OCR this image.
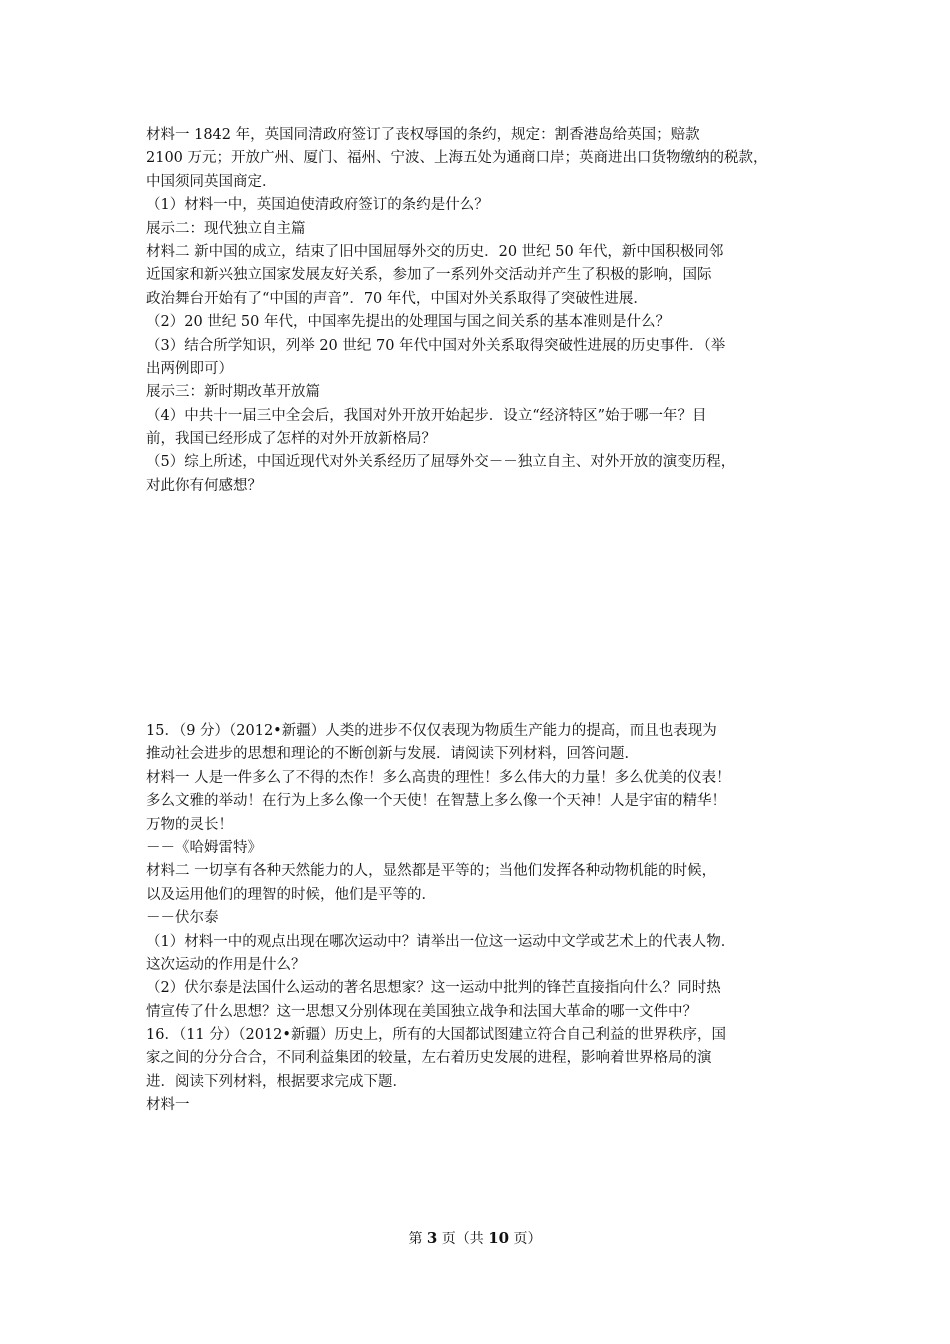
材料一 1842 年，英国同清政府签订了丧权辱国的条约，规定：割香港岛给英国；赔款
2100 万元；开放广州、厦门、福州、宁波、上海五处为通商口岸；英商进出口货物缴纳的税款，
中国须同英国商定．
（1）材料一中，英国迫使清政府签订的条约是什么？
展示二：现代独立自主篇
材料二 新中国的成立，结束了旧中国屈辱外交的历史．20 世纪 50 年代，新中国积极同邻
近国家和新兴独立国家发展友好关系，参加了一系列外交活动并产生了积极的影响，国际
政治舞台开始有了“中国的声音”．70 年代，中国对外关系取得了突破性进展．
（2）20 世纪 50 年代，中国率先提出的处理国与国之间关系的基本准则是什么？
（3）结合所学知识，列举 20 世纪 70 年代中国对外关系取得突破性进展的历史事件．（举
出两例即可）
展示三：新时期改革开放篇
（4）中共十一届三中全会后，我国对外开放开始起步．设立“经济特区”始于哪一年？目
前，我国已经形成了怎样的对外开放新格局？
（5）综上所述，中国近现代对外关系经历了屈辱外交－－独立自主、对外开放的演变历程，
对此你有何感想？
15．（9 分）（2012•新疆）人类的进步不仅仅表现为物质生产能力的提高，而且也表现为
推动社会进步的思想和理论的不断创新与发展．请阅读下列材料，回答问题．
材料一 人是一件多么了不得的杰作！多么高贵的理性！多么伟大的力量！多么优美的仪表！
多么文雅的举动！在行为上多么像一个天使！在智慧上多么像一个天神！人是宇宙的精华！
万物的灵长！
－－《哈姆雷特》
材料二 一切享有各种天然能力的人，显然都是平等的；当他们发挥各种动物机能的时候，
以及运用他们的理智的时候，他们是平等的．
－－伏尔泰
（1）材料一中的观点出现在哪次运动中？请举出一位这一运动中文学或艺术上的代表人物．
这次运动的作用是什么？
（2）伏尔泰是法国什么运动的著名思想家？这一运动中批判的锋芒直接指向什么？同时热
情宣传了什么思想？这一思想又分别体现在美国独立战争和法国大革命的哪一文件中？
16．（11 分）（2012•新疆）历史上，所有的大国都试图建立符合自己利益的世界秩序，国
家之间的分分合合，不同利益集团的较量，左右着历史发展的进程，影响着世界格局的演
进．阅读下列材料，根据要求完成下题．
材料一
第 3 页（共 10 页）
